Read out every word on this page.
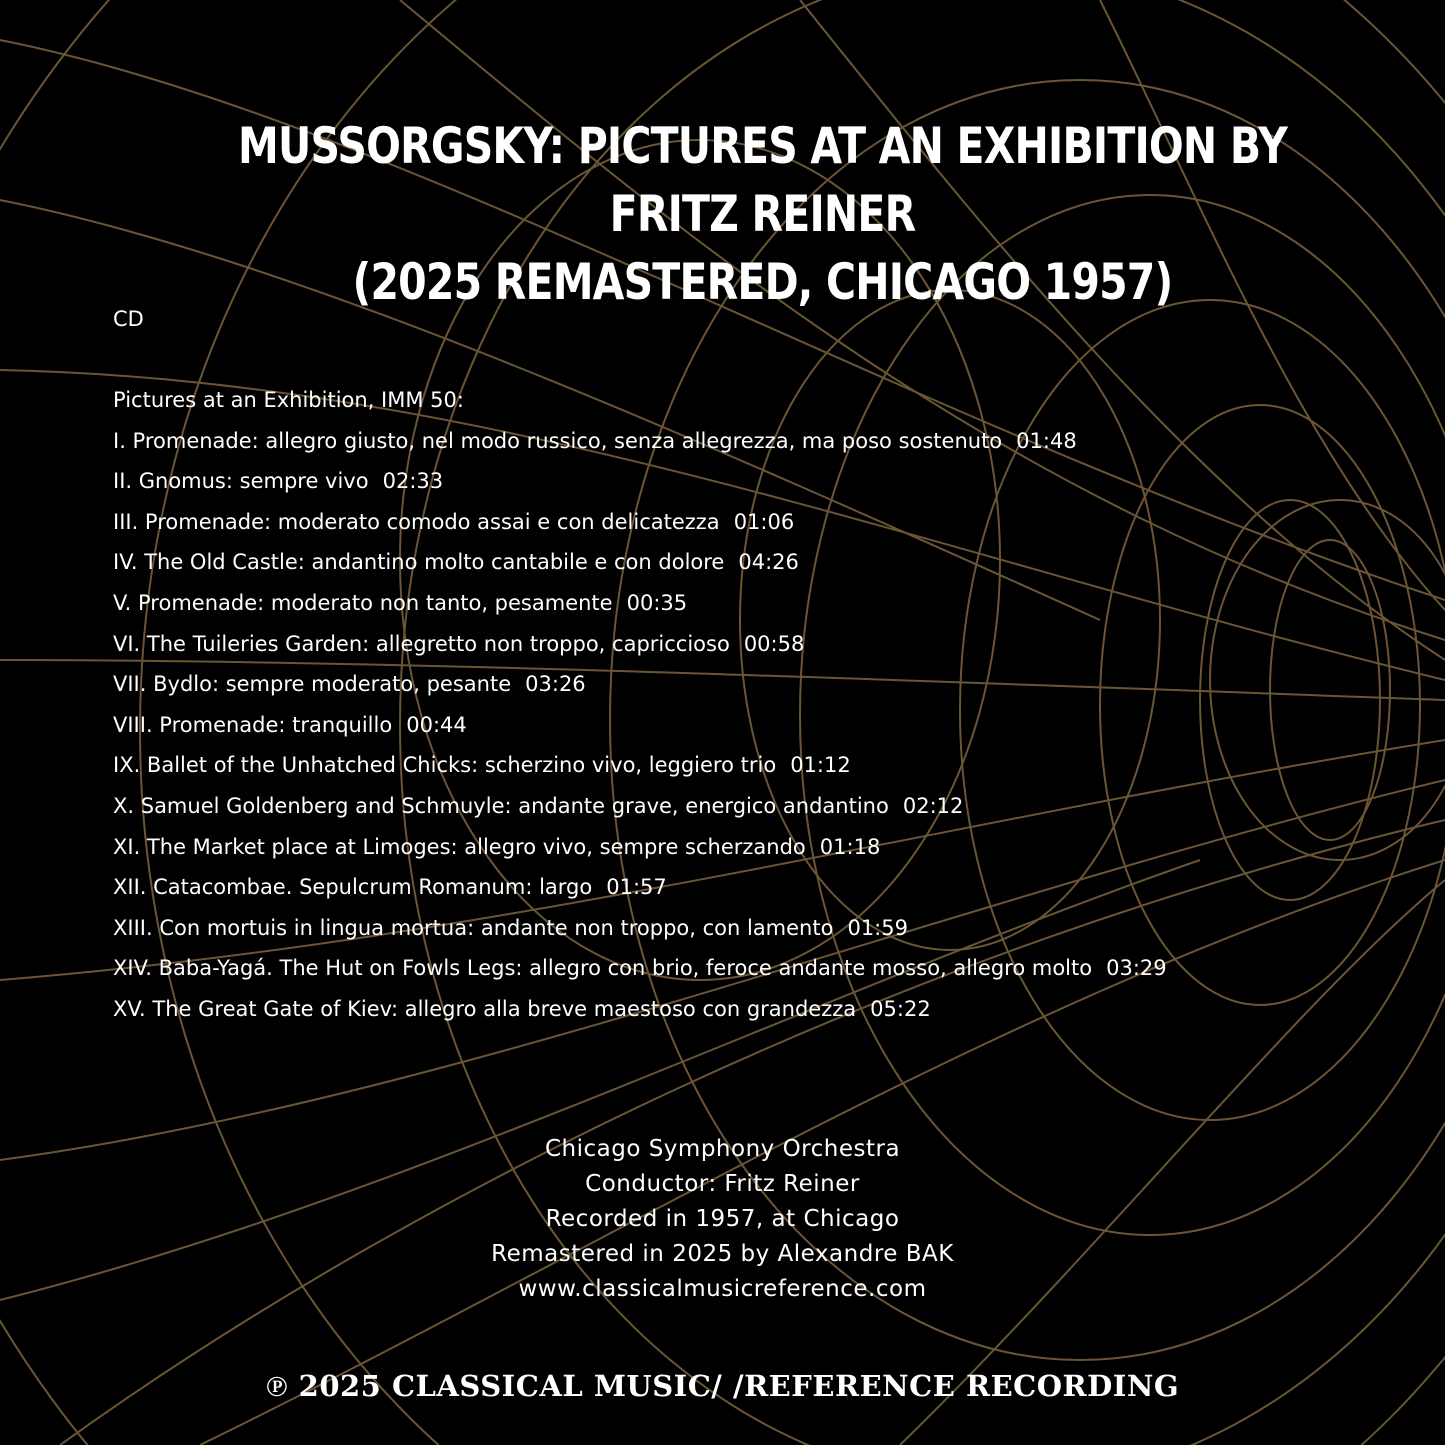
MUSSORGSKY: PICTURES AT AN EXHIBITION BY FRITZ REINER
(2025 REMASTERED, CHICAGO 1957)
CD
Pictures at an Exhibition, IMM 50:
I. Promenade: allegro giusto, nel modo russico, senza allegrezza, ma poso sostenuto 01:48
II. Gnomus: sempre vivo 02:33
III. Promenade: moderato comodo assai e con delicatezza 01:06
IV. The Old Castle: andantino molto cantabile e con dolore 04:26
V. Promenade: moderato non tanto, pesamente 00:35
VI. The Tuileries Garden: allegretto non troppo, capriccioso 00:58
VII. Bydlo: sempre moderato, pesante 03:26
VIII. Promenade: tranquillo 00:44
IX. Ballet of the Unhatched Chicks: scherzino vivo, leggiero trio 01:12
X. Samuel Goldenberg and Schmuyle: andante grave, energico andantino 02:12
XI. The Market place at Limoges: allegro vivo, sempre scherzando 01:18
XII. Catacombae. Sepulcrum Romanum: largo 01:57
XIII. Con mortuis in lingua mortua: andante non troppo, con lamento 01:59
XIV. Baba-Yagá. The Hut on Fowls Legs: allegro con brio, feroce andante mosso, allegro molto 03:29
XV. The Great Gate of Kiev: allegro alla breve maestoso con grandezza 05:22
Chicago Symphony Orchestra
Conductor: Fritz Reiner
Recorded in 1957, at Chicago
Remastered in 2025 by Alexandre BAK
www.classicalmusicreference.com
℗ 2025 CLASSICAL MUSIC/ /REFERENCE RECORDING
